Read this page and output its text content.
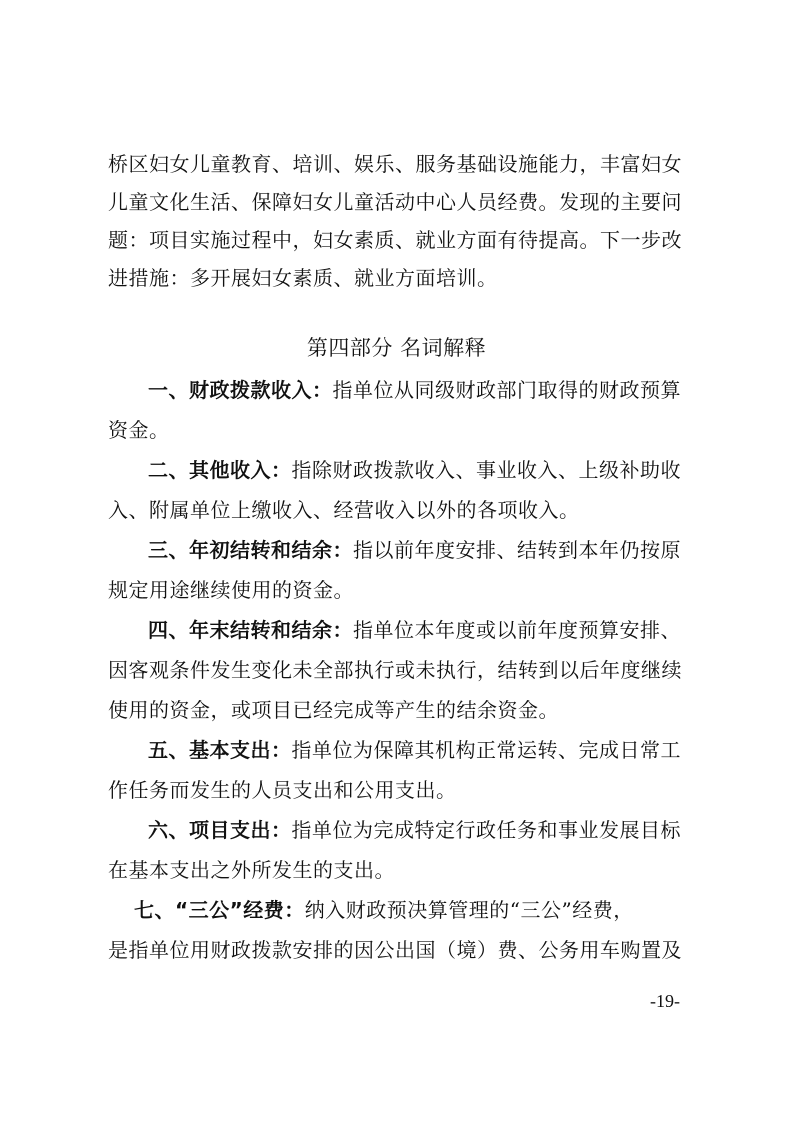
桥区妇女儿童教育、培训、娱乐、服务基础设施能力，丰富妇女
儿童文化生活、保障妇女儿童活动中心人员经费。发现的主要问
题：项目实施过程中，妇女素质、就业方面有待提高。下一步改
进措施：多开展妇女素质、就业方面培训。
第四部分 名词解释
一、财政拨款收入：指单位从同级财政部门取得的财政预算
资金。
二、其他收入：指除财政拨款收入、事业收入、上级补助收
入、附属单位上缴收入、经营收入以外的各项收入。
三、年初结转和结余：指以前年度安排、结转到本年仍按原
规定用途继续使用的资金。
四、年末结转和结余：指单位本年度或以前年度预算安排、
因客观条件发生变化未全部执行或未执行，结转到以后年度继续
使用的资金，或项目已经完成等产生的结余资金。
五、基本支出：指单位为保障其机构正常运转、完成日常工
作任务而发生的人员支出和公用支出。
六、项目支出：指单位为完成特定行政任务和事业发展目标
在基本支出之外所发生的支出。
七、“三公”经费：纳入财政预决算管理的“三公”经费，
是指单位用财政拨款安排的因公出国（境）费、公务用车购置及
-19-
